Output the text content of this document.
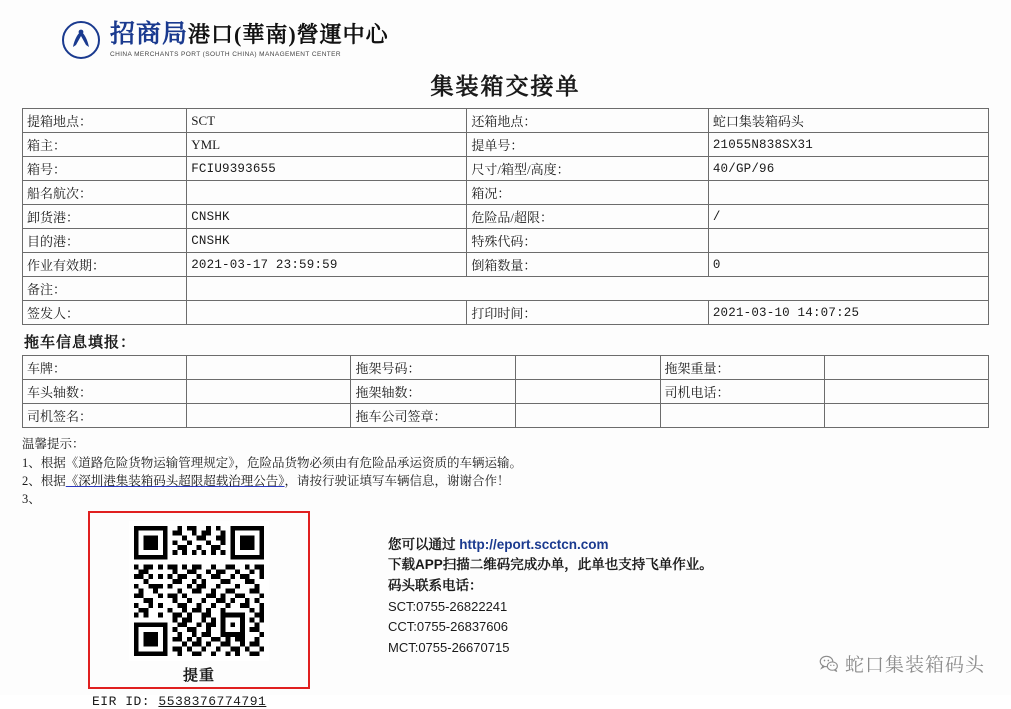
招商局港口(華南)營運中心
CHINA MERCHANTS PORT (SOUTH CHINA) MANAGEMENT CENTER
集装箱交接单
提箱地点：	SCT	还箱地点：	蛇口集装箱码头
箱主：	YML	提单号：	21055N838SX31
箱号：	FCIU9393655	尺寸/箱型/高度：	40/GP/96
船名航次：		箱况：	
卸货港：	CNSHK	危险品/超限：	/
目的港：	CNSHK	特殊代码：	
作业有效期：	2021-03-17 23:59:59	倒箱数量：	0
备注：			
签发人：		打印时间：	2021-03-10 14:07:25
拖车信息填报：
车牌：		拖架号码：		拖架重量：	
车头轴数：		拖架轴数：		司机电话：	
司机签名：		拖车公司签章：			
温馨提示：
1、根据《道路危险货物运输管理规定》，危险品货物必须由有危险品承运资质的车辆运输。
2、根据《深圳港集装箱码头超限超载治理公告》，请按行驶证填写车辆信息，谢谢合作！
3、
提重
EIR ID: 5538376774791
您可以通过 http://eport.scctcn.com
下载APP扫描二维码完成办单，此单也支持飞单作业。
码头联系电话：
SCT:0755-26822241
CCT:0755-26837606
MCT:0755-26670715
蛇口集装箱码头
